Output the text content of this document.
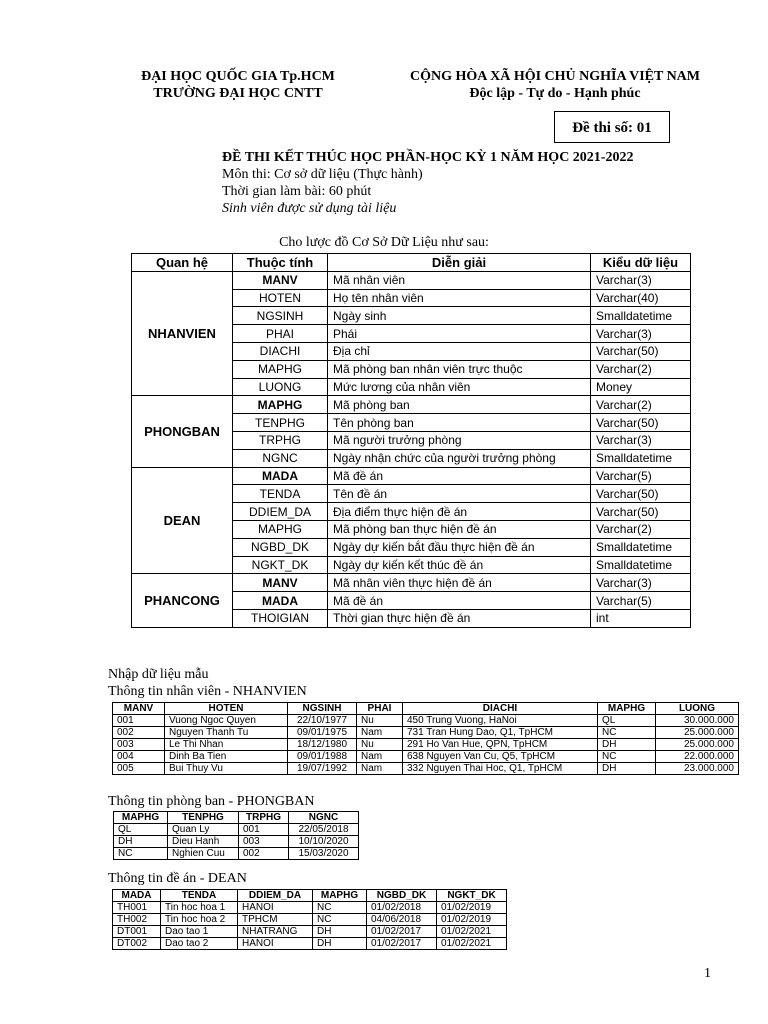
ĐẠI HỌC QUỐC GIA Tp.HCM
TRƯỜNG ĐẠI HỌC CNTT
CỘNG HÒA XÃ HỘI CHỦ NGHĨA VIỆT NAM
Độc lập - Tự do - Hạnh phúc
Đề thi số: 01
ĐỀ THI KẾT THÚC HỌC PHẦN-HỌC KỲ 1 NĂM HỌC 2021-2022
Môn thi: Cơ sở dữ liệu (Thực hành)
Thời gian làm bài: 60 phút
Sinh viên được sử dụng tài liệu
Cho lược đồ Cơ Sở Dữ Liệu như sau:
Quan hệ	Thuộc tính	Diễn giải	Kiểu dữ liệu
NHANVIEN	MANV	Mã nhân viên	Varchar(3)
	HOTEN	Họ tên nhân viên	Varchar(40)
	NGSINH	Ngày sinh	Smalldatetime
	PHAI	Phái	Varchar(3)
	DIACHI	Địa chỉ	Varchar(50)
	MAPHG	Mã phòng ban nhân viên trực thuộc	Varchar(2)
	LUONG	Mức lương của nhân viên	Money
PHONGBAN	MAPHG	Mã phòng ban	Varchar(2)
	TENPHG	Tên phòng ban	Varchar(50)
	TRPHG	Mã người trưởng phòng	Varchar(3)
	NGNC	Ngày nhận chức của người trưởng phòng	Smalldatetime
DEAN	MADA	Mã đề án	Varchar(5)
	TENDA	Tên đề án	Varchar(50)
	DDIEM_DA	Địa điểm thực hiện đề án	Varchar(50)
	MAPHG	Mã phòng ban thực hiện đề án	Varchar(2)
	NGBD_DK	Ngày dự kiến bắt đầu thực hiện đề án	Smalldatetime
	NGKT_DK	Ngày dự kiến kết thúc đề án	Smalldatetime
PHANCONG	MANV	Mã nhân viên thực hiện đề án	Varchar(3)
	MADA	Mã đề án	Varchar(5)
	THOIGIAN	Thời gian thực hiện đề án	int
Nhập dữ liệu mẫu
Thông tin nhân viên - NHANVIEN
MANV	HOTEN	NGSINH	PHAI	DIACHI	MAPHG	LUONG
001	Vuong Ngoc Quyen	22/10/1977	Nu	450 Trung Vuong, HaNoi	QL	30.000.000
002	Nguyen Thanh Tu	09/01/1975	Nam	731 Tran Hung Dao, Q1, TpHCM	NC	25.000.000
003	Le Thi Nhan	18/12/1980	Nu	291 Ho Van Hue, QPN, TpHCM	DH	25.000.000
004	Dinh Ba Tien	09/01/1988	Nam	638 Nguyen Van Cu, Q5, TpHCM	NC	22.000.000
005	Bui Thuy Vu	19/07/1992	Nam	332 Nguyen Thai Hoc, Q1, TpHCM	DH	23.000.000
Thông tin phòng ban - PHONGBAN
MAPHG	TENPHG	TRPHG	NGNC
QL	Quan Ly	001	22/05/2018
DH	Dieu Hanh	003	10/10/2020
NC	Nghien Cuu	002	15/03/2020
Thông tin đề án - DEAN
MADA	TENDA	DDIEM_DA	MAPHG	NGBD_DK	NGKT_DK
TH001	Tin hoc hoa 1	HANOI	NC	01/02/2018	01/02/2019
TH002	Tin hoc hoa 2	TPHCM	NC	04/06/2018	01/02/2019
DT001	Dao tao 1	NHATRANG	DH	01/02/2017	01/02/2021
DT002	Dao tao 2	HANOI	DH	01/02/2017	01/02/2021
1
